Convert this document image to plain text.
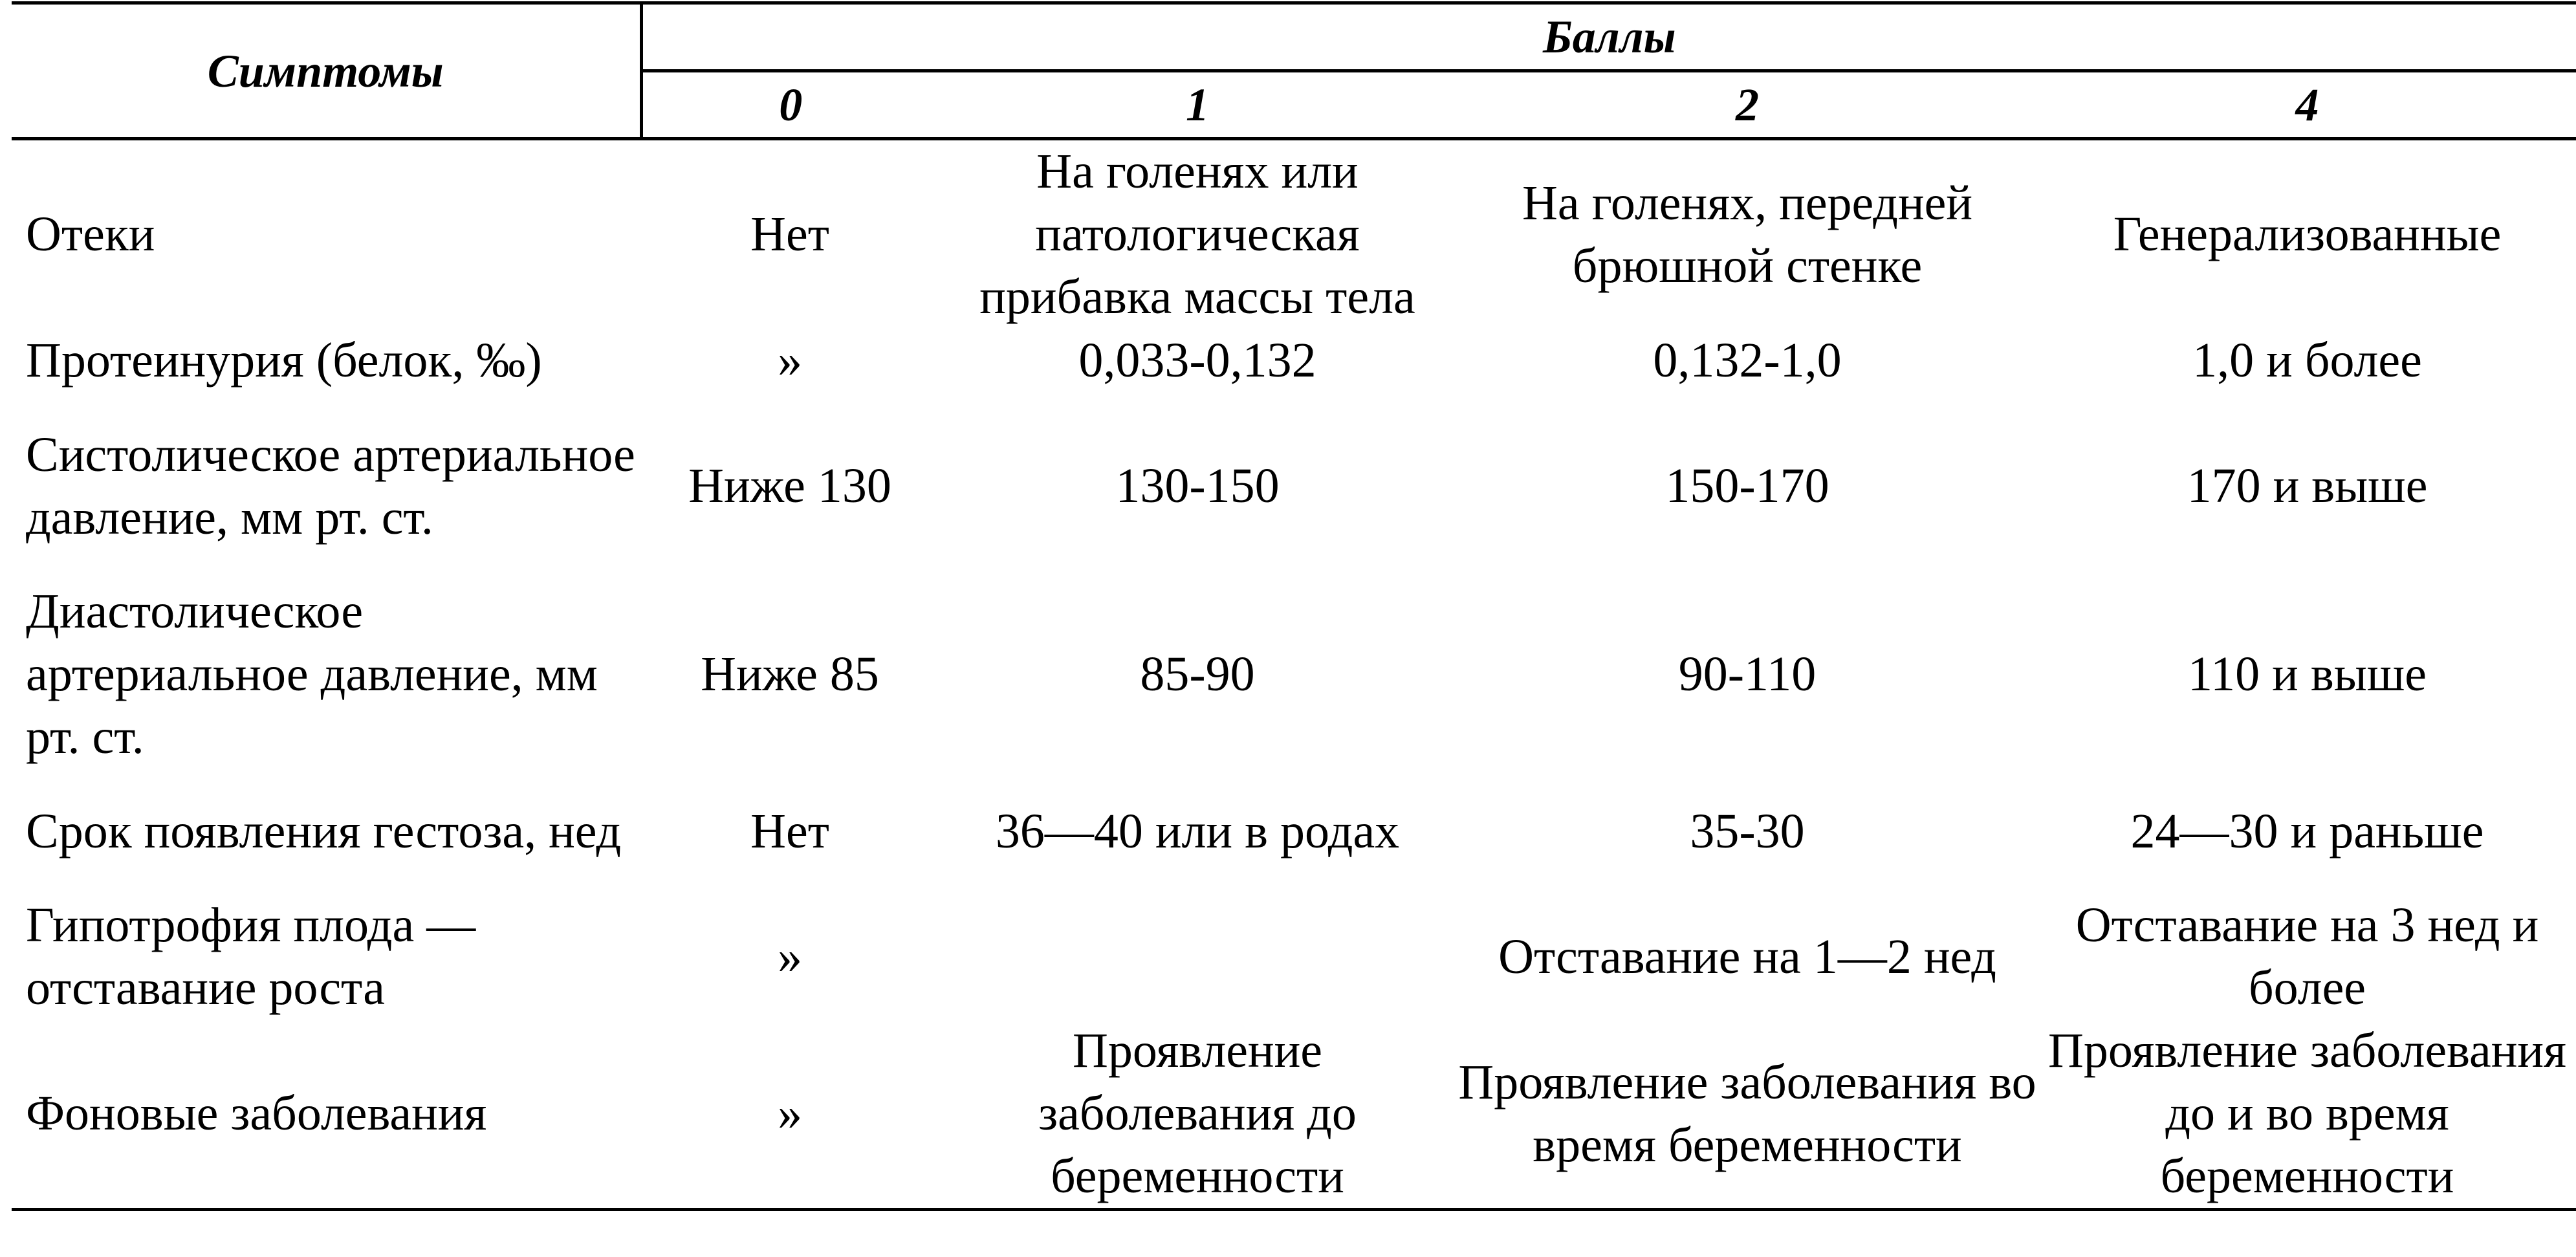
Симптомы	Баллы			
	0	1	2	4
Отеки	Нет	На голенях или патологическая прибавка массы тела	На голенях, передней брюшной стенке	Генерализованные
Протеинурия (белок, ‰)	»	0,033-0,132	0,132-1,0	1,0 и более
Систолическое артериальное давление, мм рт. ст.	Ниже 130	130-150	150-170	170 и выше
Диастолическое артериальное давление, мм рт. ст.	Ниже 85	85-90	90-110	110 и выше
Срок появления гестоза, нед	Нет	36—40 или в родах	35-30	24—30 и раньше
Гипотрофия плода — отставание роста	»		Отставание на 1—2 нед	Отставание на 3 нед и более
Фоновые заболевания	»	Проявление заболевания до беременности	Проявление заболевания во время беременности	Проявление заболевания до и во время беременности
